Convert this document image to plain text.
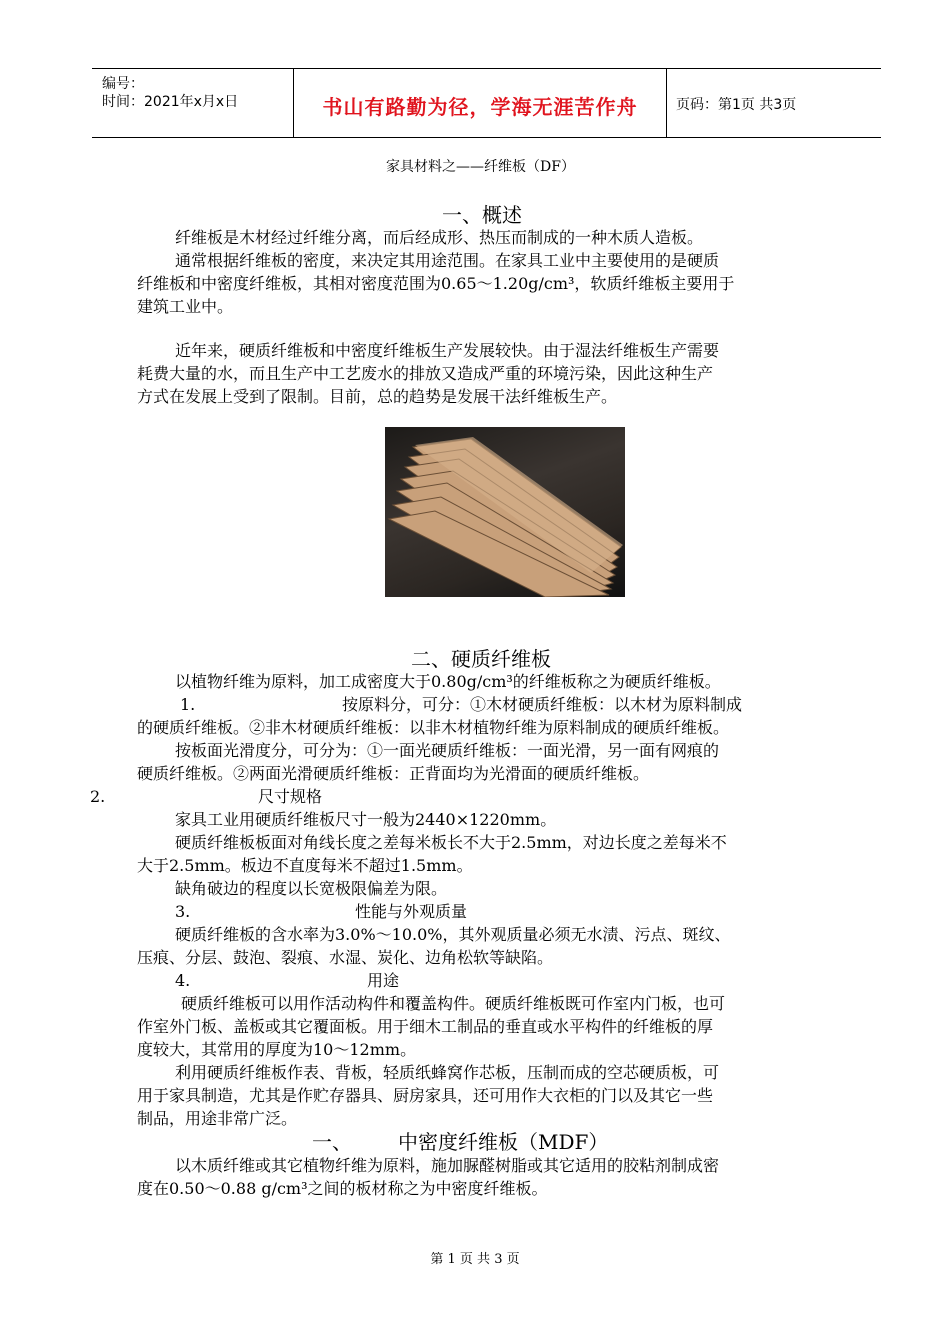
编号：
时间：2021年x月x日	书山有路勤为径，学海无涯苦作舟	页码：第1页 共3页
家具材料之——纤维板（DF）
一、概述
纤维板是木材经过纤维分离，而后经成形、热压而制成的一种木质人造板。
通常根据纤维板的密度，来决定其用途范围。在家具工业中主要使用的是硬质
纤维板和中密度纤维板，其相对密度范围为0.65～1.20g/cm³，软质纤维板主要用于
建筑工业中。
近年来，硬质纤维板和中密度纤维板生产发展较快。由于湿法纤维板生产需要
耗费大量的水，而且生产中工艺废水的排放又造成严重的环境污染，因此这种生产
方式在发展上受到了限制。目前，总的趋势是发展干法纤维板生产。
二、硬质纤维板
以植物纤维为原料，加工成密度大于0.80g/cm³的纤维板称之为硬质纤维板。
1.	按原料分，可分：①木材硬质纤维板：以木材为原料制成
的硬质纤维板。②非木材硬质纤维板：以非木材植物纤维为原料制成的硬质纤维板。
按板面光滑度分，可分为：①一面光硬质纤维板：一面光滑，另一面有网痕的
硬质纤维板。②两面光滑硬质纤维板：正背面均为光滑面的硬质纤维板。
2.	尺寸规格
家具工业用硬质纤维板尺寸一般为2440×1220mm。
硬质纤维板板面对角线长度之差每米板长不大于2.5mm，对边长度之差每米不
大于2.5mm。板边不直度每米不超过1.5mm。
缺角破边的程度以长宽极限偏差为限。
3.	性能与外观质量
硬质纤维板的含水率为3.0%～10.0%，其外观质量必须无水渍、污点、斑纹、
压痕、分层、鼓泡、裂痕、水湿、炭化、边角松软等缺陷。
4.	用途
硬质纤维板可以用作活动构件和覆盖构件。硬质纤维板既可作室内门板，也可
作室外门板、盖板或其它覆面板。用于细木工制品的垂直或水平构件的纤维板的厚
度较大，其常用的厚度为10～12mm。
利用硬质纤维板作表、背板，轻质纸蜂窝作芯板，压制而成的空芯硬质板，可
用于家具制造，尤其是作贮存器具、厨房家具，还可用作大衣柜的门以及其它一些
制品，用途非常广泛。
一、 中密度纤维板（MDF）
以木质纤维或其它植物纤维为原料，施加脲醛树脂或其它适用的胶粘剂制成密
度在0.50～0.88 g/cm³之间的板材称之为中密度纤维板。
第 1 页 共 3 页
